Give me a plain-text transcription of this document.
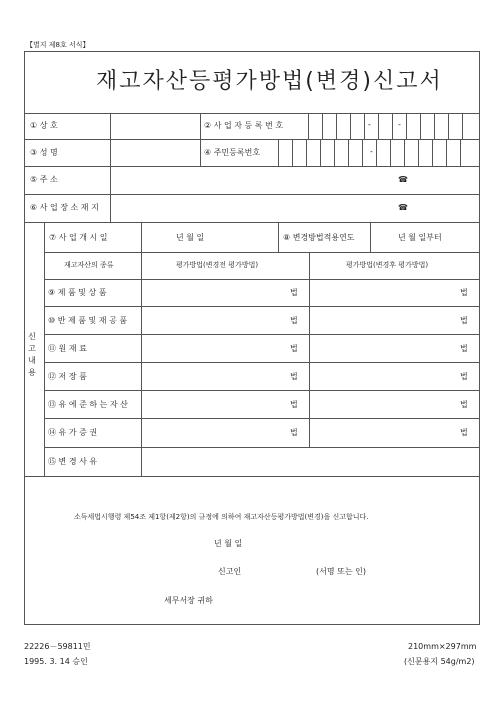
【별지 제8호 서식】
재고자산등평가방법(변경)신고서
① 상 호	② 사 업 자 등 록 번 호	-	-
③ 성 명	④ 주민등록번호	-
⑤ 주 소	☎
⑥ 사 업 장 소 재 지	☎
신 고 내 용
⑦ 사 업 개 시 일	년 월 일	⑧ 변경방법적용연도	년 월 일부터
재고자산의 종류	평가방법(변경전 평가방법)	평가방법(변경후 평가방법)
⑨ 제 품 및 상 품	법	법
⑩ 반 제 품 및 재 공 품	법	법
⑪ 원 재 료	법	법
⑫ 저 장 품	법	법
⑬ 유 에 준 하 는 자 산	법	법
⑭ 유 가 증 권	법	법
⑮ 변 경 사 유
소득세법시행령 제54조 제1항(제2항)의 규정에 의하여 재고자산등평가방법(변경)을 신고합니다.
년 월 일
신고인	(서명 또는 인)
세무서장 귀하
22226－59811민
1995. 3. 14 승인
210mm×297mm
(신문용지 54g/m2)
